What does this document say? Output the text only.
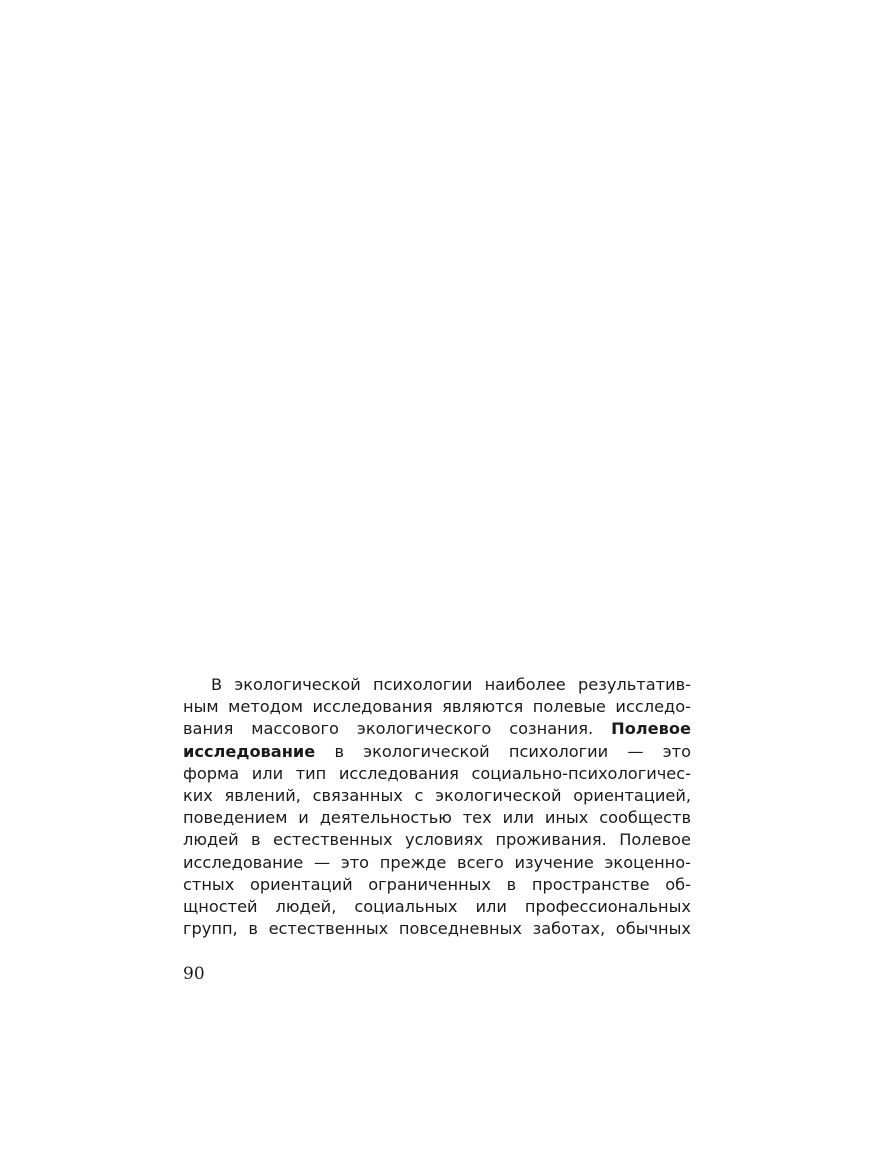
В экологической психологии наиболее результатив-
ным методом исследования являются полевые исследо-
вания массового экологического сознания. Полевое
исследование в экологической психологии — это
форма или тип исследования социально-психологичес-
ких явлений, связанных с экологической ориентацией,
поведением и деятельностью тех или иных сообществ
людей в естественных условиях проживания. Полевое
исследование — это прежде всего изучение экоценно-
стных ориентаций ограниченных в пространстве об-
щностей людей, социальных или профессиональных
групп, в естественных повседневных заботах, обычных
90
